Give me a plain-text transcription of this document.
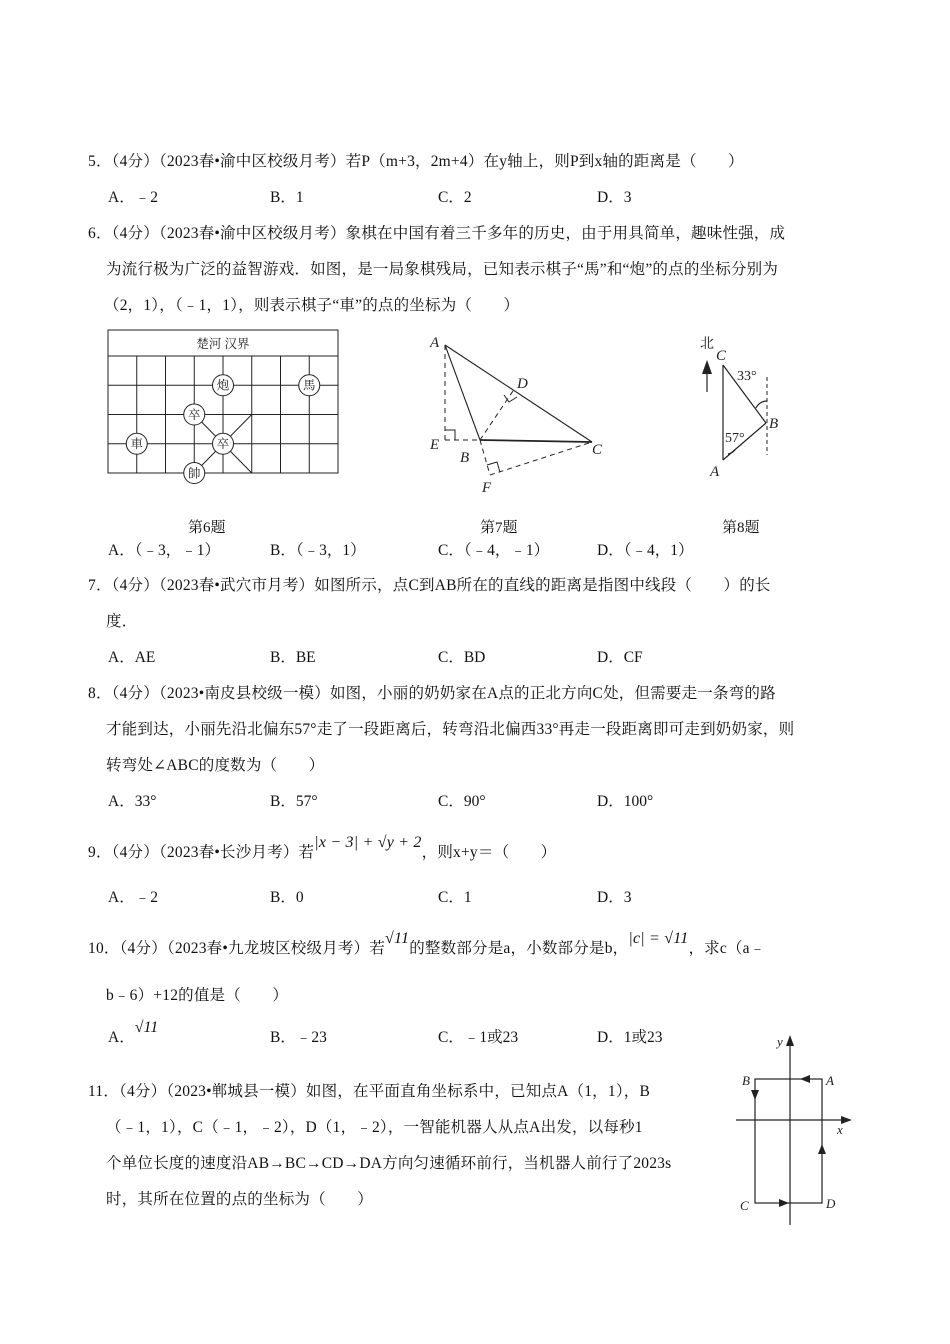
5．（4分）（2023春•渝中区校级月考）若P（m+3，2m+4）在y轴上，则P到x轴的距离是（　　）
A．﹣2	B．1	C．2	D．3
6．（4分）（2023春•渝中区校级月考）象棋在中国有着三千多年的历史，由于用具简单，趣味性强，成
为流行极为广泛的益智游戏．如图，是一局象棋残局，已知表示棋子“馬”和“炮”的点的坐标分别为
（2，1），（﹣1，1），则表示棋子“車”的点的坐标为（　　）
楚河 汉界
炮	馬
卒
車	卒
帥
A
D
E
B	C
F
北
C
B
A
33°
57°
第6题	第7题	第8题
A．（﹣3，﹣1）	B．（﹣3，1）	C．（﹣4，﹣1）	D．（﹣4，1）
7．（4分）（2023春•武穴市月考）如图所示，点C到AB所在的直线的距离是指图中线段（　　）的长
度．
A．AE	B．BE	C．BD	D．CF
8．（4分）（2023•南皮县校级一模）如图，小丽的奶奶家在A点的正北方向C处，但需要走一条弯的路
才能到达，小丽先沿北偏东57°走了一段距离后，转弯沿北偏西33°再走一段距离即可走到奶奶家，则
转弯处∠ABC的度数为（　　）
A．33°	B．57°	C．90°	D．100°
9．（4分）（2023春•长沙月考）若|x − 3| + √y + 2，则x+y＝（　　）
A．﹣2	B．0	C．1	D．3
10．（4分）（2023春•九龙坡区校级月考）若√11的整数部分是a，小数部分是b，|c| = √11，求c（a﹣
b﹣6）+12的值是（　　）
A．√11
B．﹣23	C．﹣1或23	D．1或23
11．（4分）（2023•郸城县一模）如图，在平面直角坐标系中，已知点A（1，1），B
（﹣1，1），C（﹣1，﹣2），D（1，﹣2），一智能机器人从点A出发，以每秒1
个单位长度的速度沿AB→BC→CD→DA方向匀速循环前行，当机器人前行了2023s
时，其所在位置的点的坐标为（　　）
y
x
A
B
C	D
